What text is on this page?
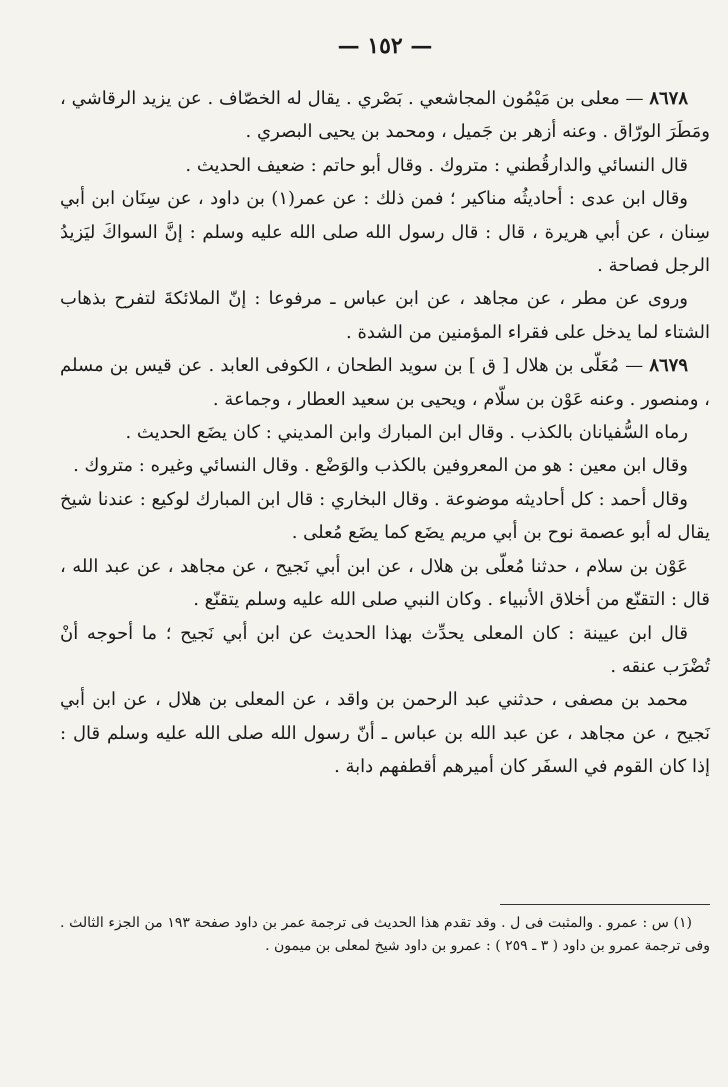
— ١٥٢ —

٨٦٧٨ — معلى بن مَيْمُون المجاشعي . بَصْري . يقال له الخصّاف . عن يزيد الرقاشي ، ومَطَرَ الورّاق . وعنه أزهر بن جَميل ، ومحمد بن يحيى البصري .

قال النسائي والدارقُطني : متروك . وقال أبو حاتم : ضعيف الحديث .

وقال ابن عدى : أحاديثُه مناكير ؛ فمن ذلك : عن عمر(١) بن داود ، عن سِنَان ابن أبي سِنان ، عن أبي هريرة ، قال : قال رسول الله صلى الله عليه وسلم : إنَّ السواكَ ليَزيدُ الرجل فصاحة .

وروى عن مطر ، عن مجاهد ، عن ابن عباس ـ مرفوعا : إنّ الملائكةَ لتفرح بذهاب الشتاء لما يدخل على فقراء المؤمنين من الشدة .

٨٦٧٩ — مُعَلّى بن هلال [ ق ] بن سويد الطحان ، الكوفى العابد . عن قيس بن مسلم ، ومنصور . وعنه عَوْن بن سلّام ، ويحيى بن سعيد العطار ، وجماعة .

رماه السُّفيانان بالكذب . وقال ابن المبارك وابن المديني : كان يضَع الحديث .

وقال ابن معين : هو من المعروفين بالكذب والوَضْع . وقال النسائي وغيره : متروك .

وقال أحمد : كل أحاديثه موضوعة . وقال البخاري : قال ابن المبارك لوكيع : عندنا شيخ يقال له أبو عصمة نوح بن أبي مريم يضَع كما يضَع مُعلى .

عَوْن بن سلام ، حدثنا مُعلّى بن هلال ، عن ابن أبي نَجيح ، عن مجاهد ، عن عبد الله ، قال : التقنّع من أخلاق الأنبياء . وكان النبي صلى الله عليه وسلم يتقنّع .

قال ابن عيينة : كان المعلى يحدِّث بهذا الحديث عن ابن أبي نَجيح ؛ ما أحوجه أنْ تُضْرَب عنقه .

محمد بن مصفى ، حدثني عبد الرحمن بن واقد ، عن المعلى بن هلال ، عن ابن أبي نَجيح ، عن مجاهد ، عن عبد الله بن عباس ـ أنّ رسول الله صلى الله عليه وسلم قال : إذا كان القوم في السفَر كان أميرهم أقطفهم دابة .

(١) س : عمرو . والمثبت فى ل . وقد تقدم هذا الحديث فى ترجمة عمر بن داود صفحة ١٩٣ من الجزء الثالث . وفى ترجمة عمرو بن داود ( ٣ ـ ٢٥٩ ) : عمرو بن داود شيخ لمعلى بن ميمون .
